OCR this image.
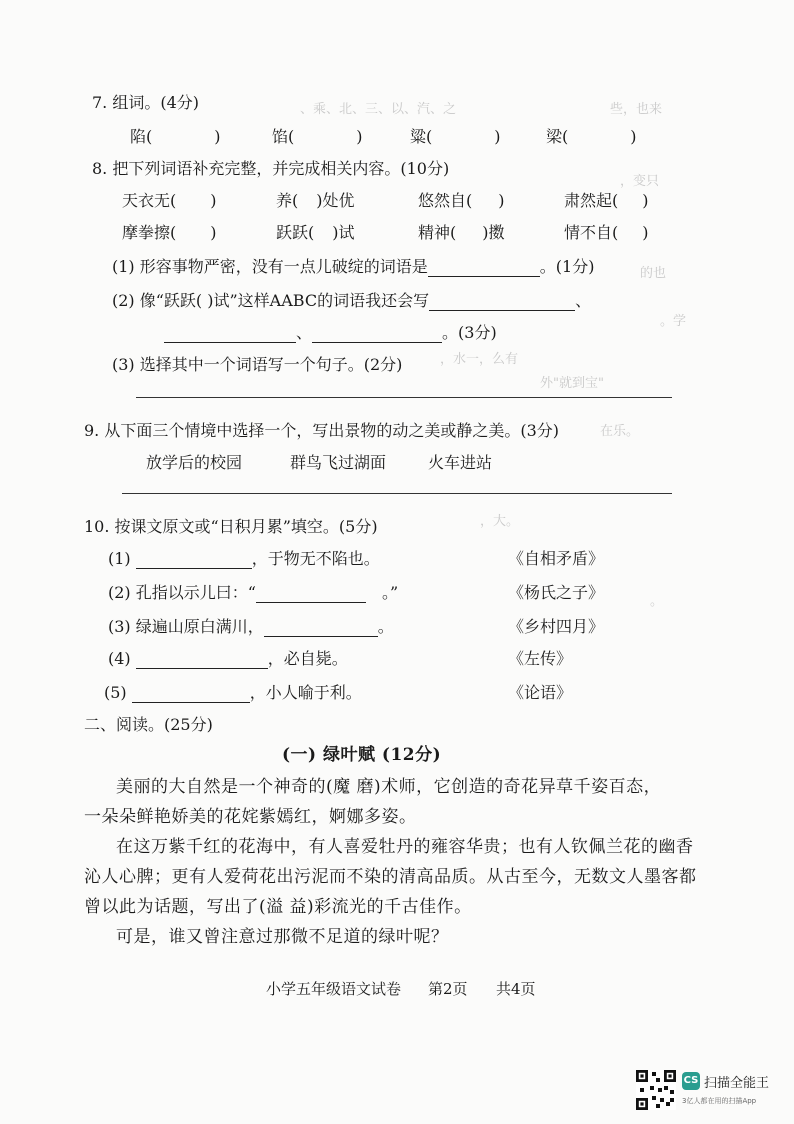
、乘、北、三、以、汽、之	些，也来
，变只
的也
。学
，水一，么有
外"就到宝"
在乐。
，大。
。
7. 组词。(4分)
陷(	)	馅(	)	粱(	)	梁(	)
8. 把下列词语补充完整，并完成相关内容。(10分)
天衣无( )	养( )处优	悠然自( )	肃然起( )
摩拳擦( )	跃跃( )试	精神( )擞	情不自( )
(1) 形容事物严密，没有一点儿破绽的词语是	。(1分)
(2) 像“跃跃( )试”这样AABC的词语我还会写	、
、	。(3分)
(3) 选择其中一个词语写一个句子。(2分)
9. 从下面三个情境中选择一个，写出景物的动之美或静之美。(3分)
放学后的校园	群鸟飞过湖面	火车进站
10. 按课文原文或“日积月累”填空。(5分)
(1)	，于物无不陷也。	《自相矛盾》
(2) 孔指以示儿曰：“	。”	《杨氏之子》
(3) 绿遍山原白满川，	。	《乡村四月》
(4)	，必自毙。	《左传》
(5)	，小人喻于利。	《论语》
二、阅读。(25分)
(一) 绿叶赋 (12分)
美丽的大自然是一个神奇的(魔 磨)术师，它创造的奇花异草千姿百态，
一朵朵鲜艳娇美的花姹紫嫣红，婀娜多姿。
在这万紫千红的花海中，有人喜爱牡丹的雍容华贵；也有人钦佩兰花的幽香
沁人心脾；更有人爱荷花出污泥而不染的清高品质。从古至今，无数文人墨客都
曾以此为话题，写出了(溢 益)彩流光的千古佳作。
可是，谁又曾注意过那微不足道的绿叶呢？
小学五年级语文试卷 第2页 共4页
CS 扫描全能王
3亿人都在用的扫描App
